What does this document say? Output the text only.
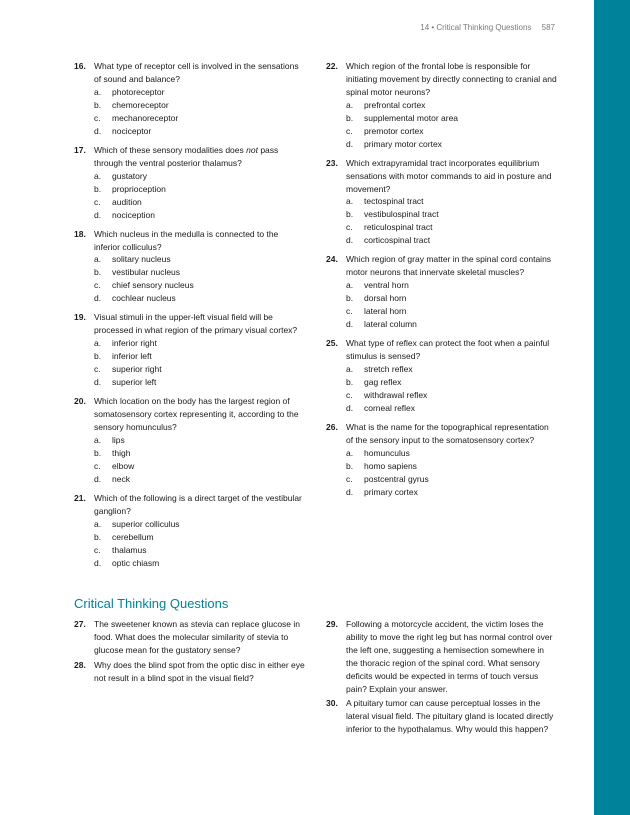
14 • Critical Thinking Questions 587
16. What type of receptor cell is involved in the sensations of sound and balance?
a.	photoreceptor
b.	chemoreceptor
c.	mechanoreceptor
d.	nociceptor
17. Which of these sensory modalities does not pass through the ventral posterior thalamus?
a.	gustatory
b.	proprioception
c.	audition
d.	nociception
18. Which nucleus in the medulla is connected to the inferior colliculus?
a.	solitary nucleus
b.	vestibular nucleus
c.	chief sensory nucleus
d.	cochlear nucleus
19. Visual stimuli in the upper-left visual field will be processed in what region of the primary visual cortex?
a.	inferior right
b.	inferior left
c.	superior right
d.	superior left
20. Which location on the body has the largest region of somatosensory cortex representing it, according to the sensory homunculus?
a.	lips
b.	thigh
c.	elbow
d.	neck
21. Which of the following is a direct target of the vestibular ganglion?
a.	superior colliculus
b.	cerebellum
c.	thalamus
d.	optic chiasm
22. Which region of the frontal lobe is responsible for initiating movement by directly connecting to cranial and spinal motor neurons?
a.	prefrontal cortex
b.	supplemental motor area
c.	premotor cortex
d.	primary motor cortex
23. Which extrapyramidal tract incorporates equilibrium sensations with motor commands to aid in posture and movement?
a.	tectospinal tract
b.	vestibulospinal tract
c.	reticulospinal tract
d.	corticospinal tract
24. Which region of gray matter in the spinal cord contains motor neurons that innervate skeletal muscles?
a.	ventral horn
b.	dorsal horn
c.	lateral horn
d.	lateral column
25. What type of reflex can protect the foot when a painful stimulus is sensed?
a.	stretch reflex
b.	gag reflex
c.	withdrawal reflex
d.	corneal reflex
26. What is the name for the topographical representation of the sensory input to the somatosensory cortex?
a.	homunculus
b.	homo sapiens
c.	postcentral gyrus
d.	primary cortex
Critical Thinking Questions
27. The sweetener known as stevia can replace glucose in food. What does the molecular similarity of stevia to glucose mean for the gustatory sense?
28. Why does the blind spot from the optic disc in either eye not result in a blind spot in the visual field?
29. Following a motorcycle accident, the victim loses the ability to move the right leg but has normal control over the left one, suggesting a hemisection somewhere in the thoracic region of the spinal cord. What sensory deficits would be expected in terms of touch versus pain? Explain your answer.
30. A pituitary tumor can cause perceptual losses in the lateral visual field. The pituitary gland is located directly inferior to the hypothalamus. Why would this happen?
